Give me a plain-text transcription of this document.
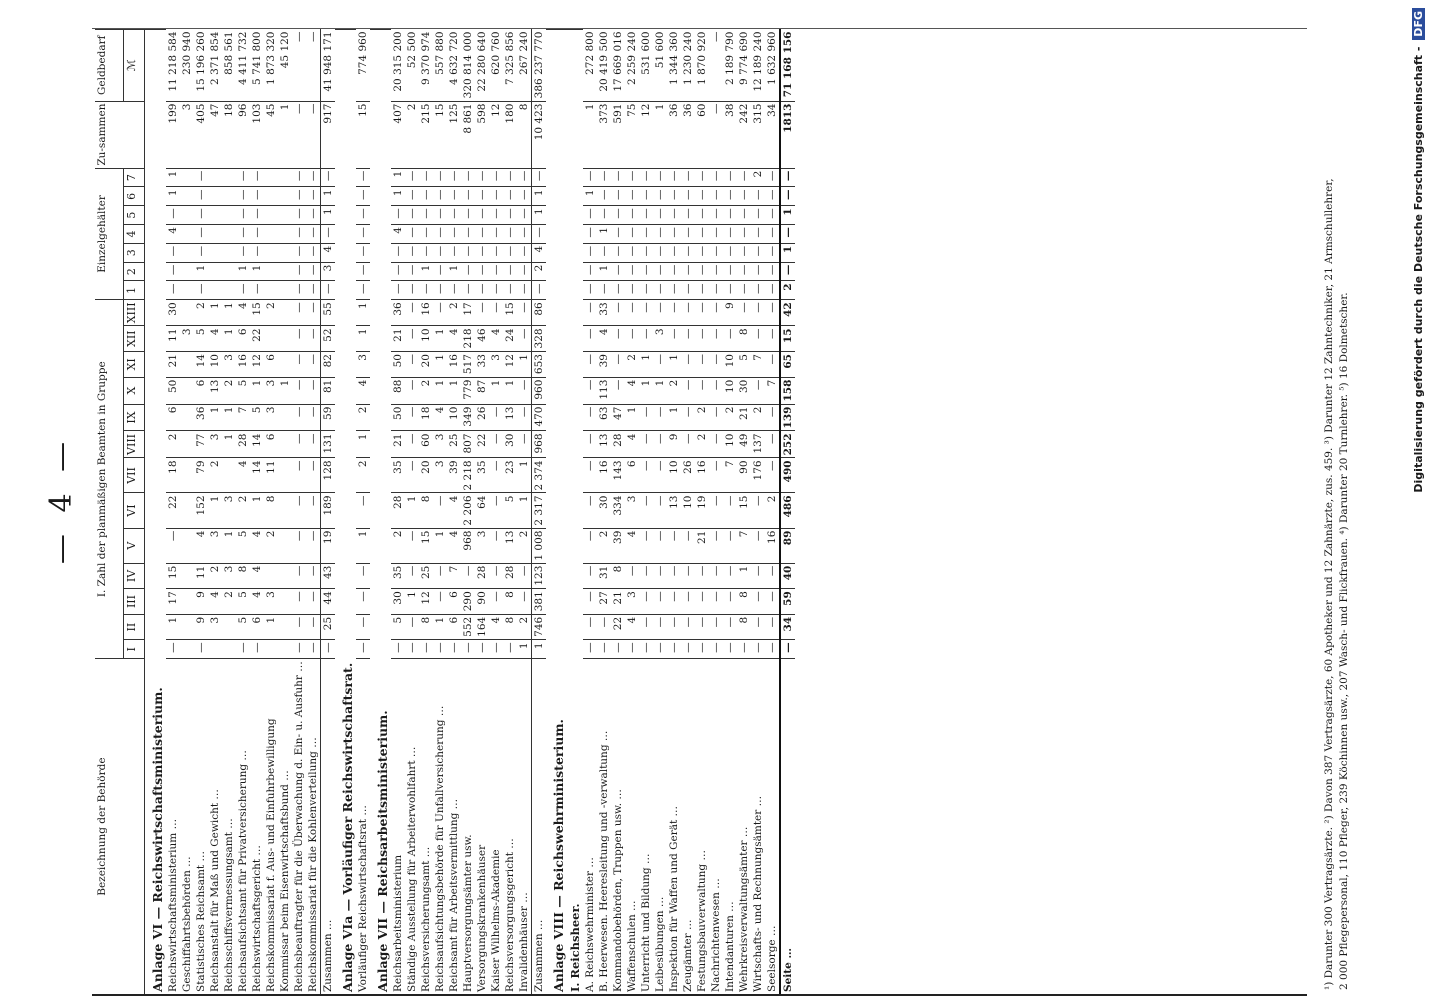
— 4 —
Bezeichnung der Behörde	I. Zahl der planmäßigen Beamten in Gruppe													Einzelgehälter							Zu-sammen	Geldbedarf
	I	II	III	IV	V	VI	VII	VIII	IX	X	XI	XII	XIII	1	2	3	4	5	6	7		ℳ
Anlage VI — Reichswirtschaftsministerium.																						
Reichswirtschaftsministerium …	—	1	17	15	—	22	18	2	6	50	21	11	30	—	—	—	4	—	1	1	199	11 218 584
Geschiffahrtsbehörden …												3									3	230 940
Statistisches Reichsamt …	—	9	9	11	4	152	79	77	36	6	14	5	2	—	1	—	—	—	—	—	405	15 196 260
Reichsanstalt für Maß und Gewicht …		3	4	2	3	1	2	3	1	13	10	4	1								47	2 371 854
Reichsschiffsvermessungsamt …			2	3	1	3		1	1	2	3	1	1								18	858 561
Reichsaufsichtsamt für Privatversicherung …	—	5	5	8	5	2	4	28	7	5	16	6	4	—	1	—	—	—	—	—	96	4 411 732
Reichswirtschaftsgericht …	—	6	4	4	4	1	14	14	5	1	12	22	15	—	1	—	—	—	—	—	103	5 741 800
Reichskommissariat f. Aus- und Einfuhrbewilligung		1	3		2	8	11	6	3	3	6		2								45	1 873 320
Kommissar beim Eisenwirtschaftsbund …										1											1	45 120
Reichsbeauftragter für die Überwachung d. Ein- u. Ausfuhr …	—	—	—	—	—	—	—	—	—	—	—	—	—	—	—	—	—	—	—	—	—	—
Reichskommissariat für die Kohlenverteilung …	—	—	—	—	—	—	—	—	—	—	—	—	—	—	—	—	—	—	—	—	—	—
Zusammen …	—	25	44	43	19	189	128	131	59	81	82	52	55	—	3	4	—	1	1	—	917	41 948 171
Anlage VIa — Vorläufiger Reichswirtschaftsrat.																						
Vorläufiger Reichswirtschaftsrat …	—	—	—	—	1	—	2	1	2	4	3	1	1	—	—	—	—	—	—	—	15	774 960
Anlage VII — Reichsarbeitsministerium.																						
Reichsarbeitsministerium	—	5	30	35	2	28	35	21	50	88	50	21	36	—	—	—	4	—	1	1	407	20 315 200
Ständige Ausstellung für Arbeiterwohlfahrt …	—	—	1	—	—	1	—	—	—	—	—	—	—	—	—	—	—	—	—	—	2	52 500
Reichsversicherungsamt …	—	8	12	25	15	8	20	60	18	2	20	10	16	—	1	—	—	—	—	—	215	9 370 974
Reichsaufsichtungsbehörde für Unfallversicherung …	—	1	—	—	1	—	3	3	4	1	1	1	—	—	—	—	—	—	—	—	15	557 880
Reichsamt für Arbeitsvermittlung …	—	6	6	7	4	4	39	25	10	1	16	4	2	—	1	—	—	—	—	—	125	4 632 720
Hauptversorgungsämter usw.	—	552	290	—	968	2 206	2 218	807	349	779	517	218	17	—	—	—	—	—	—	—	8 861	320 814 000
Versorgungskrankenhäuser	—	164	90	28	3	64	35	22	26	87	33	46	—	—	—	—	—	—	—	—	598	22 280 640
Kaiser Wilhelms-Akademie	—	4	—	—	—	—	—	—	—	1	3	4	—	—	—	—	—	—	—	—	12	620 760
Reichsversorgungsgericht …	—	8	8	28	13	5	23	30	13	1	12	24	15	—	—	—	—	—	—	—	180	7 325 856
Invalidenhäuser …	1	2	—	—	2	1	1	—	—	—	1	—	—	—	—	—	—	—	—	—	8	267 240
Zusammen …	1	746	381	123	1 008	2 317	2 374	968	470	960	653	328	86	—	2	4	—	1	1	—	10 423	386 237 770
Anlage VIII — Reichswehrministerium.																						
I. Reichsheer.																						
A. Reichswehrminister …	—	—	—	—	—	—	—	—	—	—	—	—	—	—	—	—	—	—	1	—	1	272 800
B. Heerwesen. Heeresleitung und -verwaltung …	—	—	27	31	2	30	16	13	63	113	39	4	33	—	1	—	1	—	—	—	373	20 419 500
Kommandobehörden, Truppen usw. …	—	22	21	8	39	334	143	28	47	—	—	—	—	—	—	—	—	—	—	—	591	17 669 016
Waffenschulen …	—	4	3	—	4	3	6	4	1	4	2	—	—	—	—	—	—	—	—	—	75	2 259 240
Unterricht und Bildung …	—	—	—	—	—	—	—	—	—	1	1	—	—	—	—	—	—	—	—	—	12	531 600
Leibesübungen …	—	—	—	—	—	—	—	—	—	1	—	3	—	—	—	—	—	—	—	—	1	51 600
Inspektion für Waffen und Gerät …	—	—	—	—	—	13	10	9	1	2	1	—	—	—	—	—	—	—	—	—	36	1 344 360
Zeugämter …	—	—	—	—	—	10	26	—	—	—	—	—	—	—	—	—	—	—	—	—	36	1 230 240
Festungsbauverwaltung …	—	—	—	—	21	19	16	2	2	—	—	—	—	—	—	—	—	—	—	—	60	1 870 920
Nachrichtenwesen …	—	—	—	—	—	—	—	—	—	—	—	—	—	—	—	—	—	—	—	—	—	—
Intendanturen …	—	—	—	—	—	—	7	10	2	10	10	—	9	—	—	—	—	—	—	—	38	2 189 790
Wehrkreisverwaltungsämter …	—	8	8	1	7	15	90	49	21	30	5	8	—	—	—	—	—	—	—	—	242	9 774 690
Wirtschafts- und Rechnungsämter …	—	—	—	—	—	—	176	137	2	—	7	—	—	—	—	—	—	—	—	2	315	12 189 240
Seelsorge …	—	—	—	—	16	2	—	—	—	7	—	—	—	—	—	—	—	—	—	—	34	1 632 960
Seite …	—	34	59	40	89	486	490	252	139	158	65	15	42	2	—	1	—	1	—	—	1813	71 168 156
¹) Darunter 300 Vertragsärzte. ²) Davon 387 Vertragsärzte, 60 Apotheker und 12 Zahnärzte, zus. 459. ³) Darunter 12 Zahntechniker, 21 Armschullehrer, 2 000 Pflegepersonal, 110 Pfleger, 239 Köchinnen usw., 207 Wasch- und Flickfrauen. ⁴) Darunter 20 Turnlehrer. ⁵) 16 Dolmetscher.
Digitalisierung gefördert durch die Deutsche Forschungsgemeinschaft - DFG
